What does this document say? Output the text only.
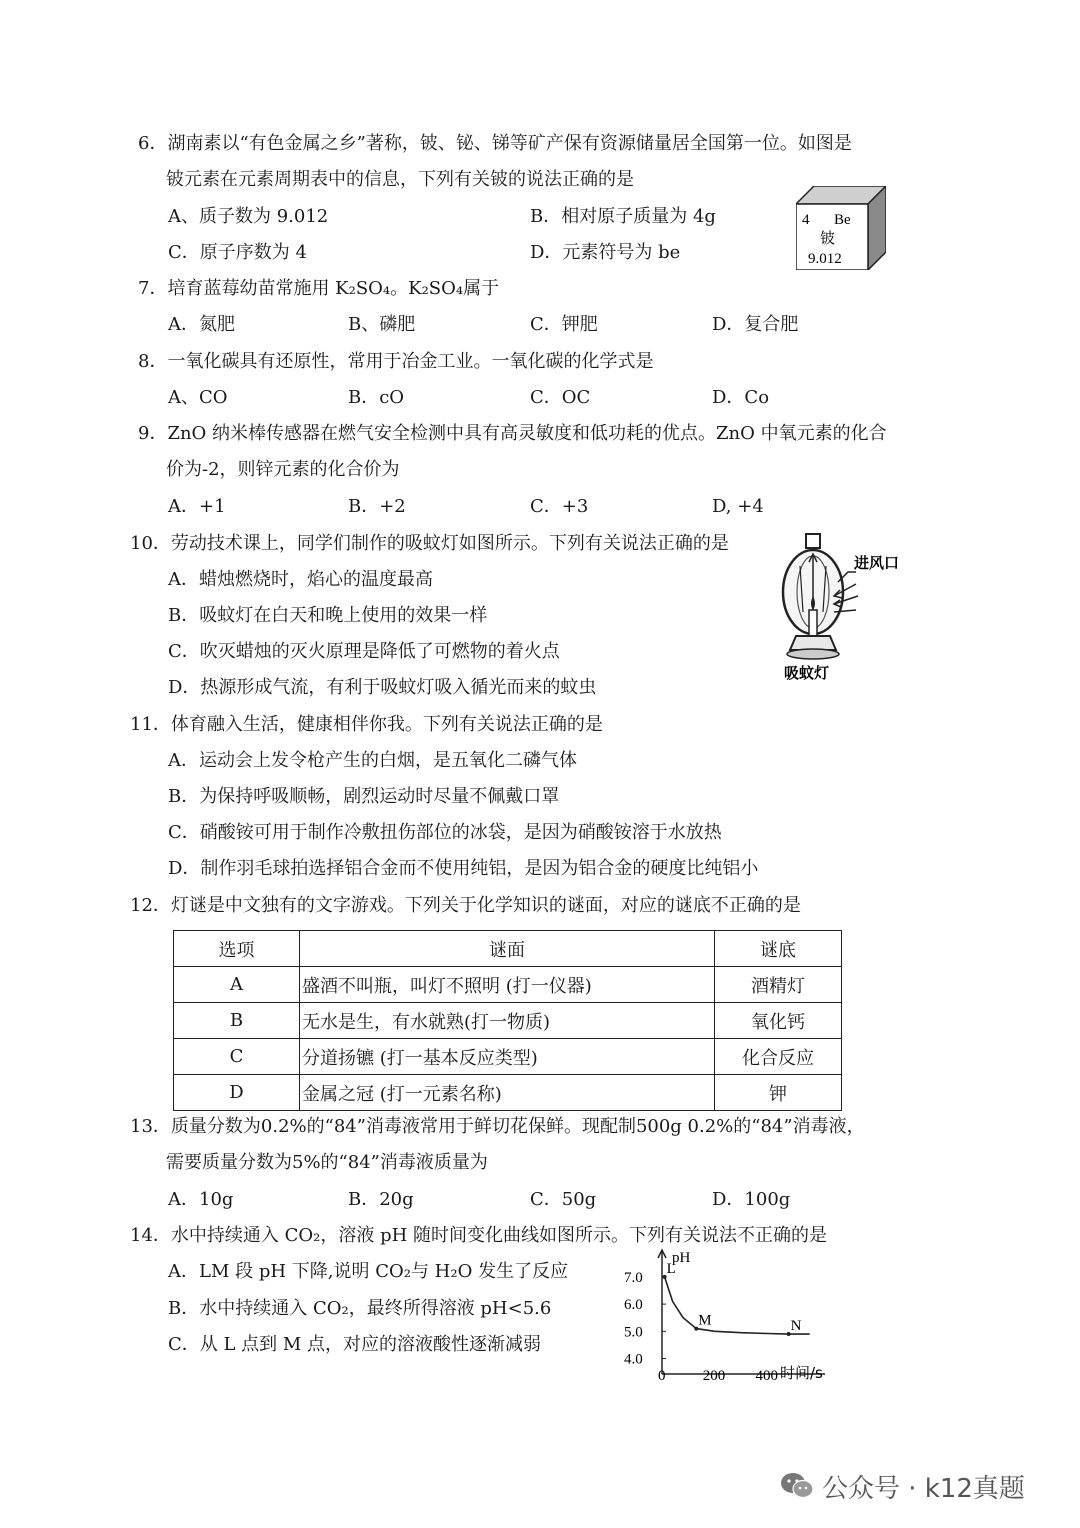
6．湖南素以“有色金属之乡”著称，铍、铋、锑等矿产保有资源储量居全国第一位。如图是
铍元素在元素周期表中的信息，下列有关铍的说法正确的是
A、质子数为 9.012	B．相对原子质量为 4g
C．原子序数为 4	D．元素符号为 be
4 Be
铍
9.012
7．培育蓝莓幼苗常施用 K₂SO₄。K₂SO₄属于
A．氮肥	B、磷肥	C．钾肥	D．复合肥
8．一氧化碳具有还原性，常用于冶金工业。一氧化碳的化学式是
A、CO	B．cO	C．OC	D．Co
9．ZnO 纳米棒传感器在燃气安全检测中具有高灵敏度和低功耗的优点。ZnO 中氧元素的化合
价为-2，则锌元素的化合价为
A．+1	B．+2	C．+3	D, +4
10．劳动技术课上，同学们制作的吸蚊灯如图所示。下列有关说法正确的是
A．蜡烛燃烧时，焰心的温度最高
B．吸蚊灯在白天和晚上使用的效果一样
C．吹灭蜡烛的灭火原理是降低了可燃物的着火点
D．热源形成气流，有利于吸蚊灯吸入循光而来的蚊虫
进风口
吸蚊灯
11．体育融入生活，健康相伴你我。下列有关说法正确的是
A．运动会上发令枪产生的白烟，是五氧化二磷气体
B．为保持呼吸顺畅，剧烈运动时尽量不佩戴口罩
C．硝酸铵可用于制作冷敷扭伤部位的冰袋，是因为硝酸铵溶于水放热
D．制作羽毛球拍选择铝合金而不使用纯铝，是因为铝合金的硬度比纯铝小
12．灯谜是中文独有的文字游戏。下列关于化学知识的谜面，对应的谜底不正确的是
选项	谜面	谜底
A	盛酒不叫瓶，叫灯不照明 (打一仪器)	酒精灯
B	无水是生，有水就熟(打一物质)	氧化钙
C	分道扬镳 (打一基本反应类型)	化合反应
D	金属之冠 (打一元素名称)	钾
13．质量分数为0.2%的“84”消毒液常用于鲜切花保鲜。现配制500g 0.2%的“84”消毒液，
需要质量分数为5%的“84”消毒液质量为
A．10g	B．20g	C．50g	D．100g
14．水中持续通入 CO₂，溶液 pH 随时间变化曲线如图所示。下列有关说法不正确的是
A．LM 段 pH 下降,说明 CO₂与 H₂O 发生了反应
B．水中持续通入 CO₂，最终所得溶液 pH<5.6
C．从 L 点到 M 点，对应的溶液酸性逐渐减弱
pH
时间/s
7.0
6.0
5.0
4.0
0 200 400
L
M	N
公众号 · k12真题
